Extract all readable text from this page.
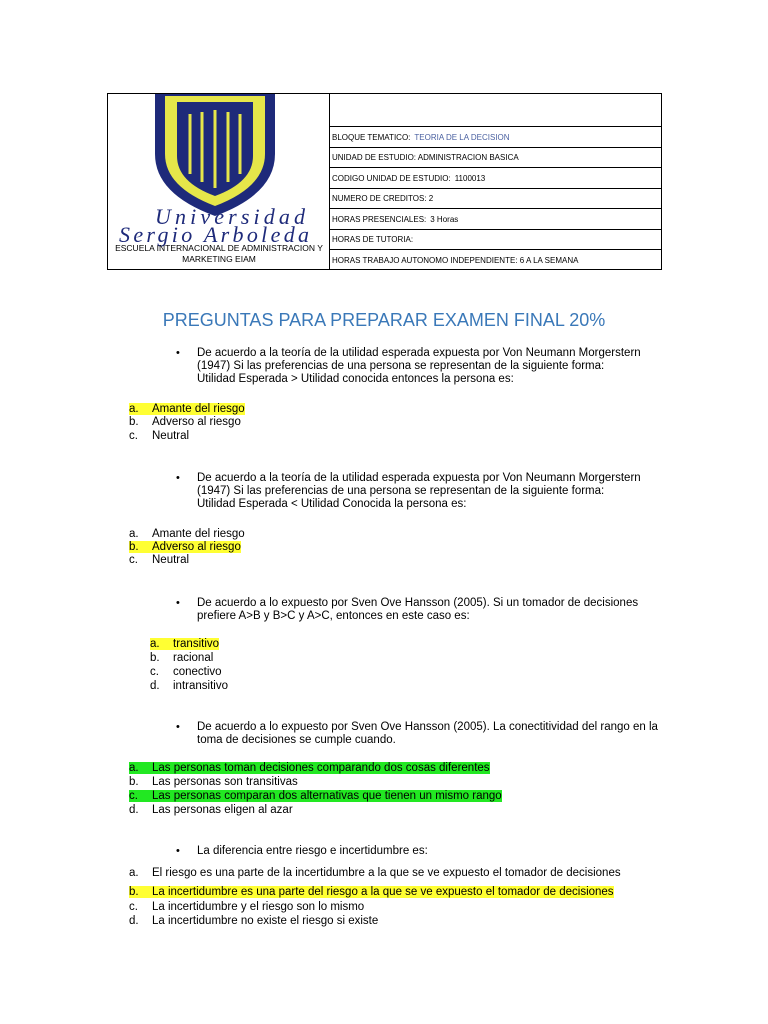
Universidad
Sergio Arboleda
ESCUELA INTERNACIONAL DE ADMINISTRACION Y MARKETING EIAM
BLOQUE TEMATICO: TEORIA DE LA DECISION
UNIDAD DE ESTUDIO: ADMINISTRACION BASICA
CODIGO UNIDAD DE ESTUDIO: 1100013
NUMERO DE CREDITOS: 2
HORAS PRESENCIALES: 3 Horas
HORAS DE TUTORIA:
HORAS TRABAJO AUTONOMO INDEPENDIENTE: 6 A LA SEMANA
PREGUNTAS PARA PREPARAR EXAMEN FINAL 20%
• De acuerdo a la teoría de la utilidad esperada expuesta por Von Neumann Morgerstern (1947) Si las preferencias de una persona se representan de la siguiente forma:
Utilidad Esperada > Utilidad conocida entonces la persona es:
a. Amante del riesgo
b. Adverso al riesgo
c. Neutral
• De acuerdo a la teoría de la utilidad esperada expuesta por Von Neumann Morgerstern (1947) Si las preferencias de una persona se representan de la siguiente forma:
Utilidad Esperada < Utilidad Conocida la persona es:
a. Amante del riesgo
b. Adverso al riesgo
c. Neutral
• De acuerdo a lo expuesto por Sven Ove Hansson (2005). Si un tomador de decisiones prefiere A>B y B>C y A>C, entonces en este caso es:
a. transitivo
b. racional
c. conectivo
d. intransitivo
• De acuerdo a lo expuesto por Sven Ove Hansson (2005). La conectitividad del rango en la toma de decisiones se cumple cuando.
a. Las personas toman decisiones comparando dos cosas diferentes
b. Las personas son transitivas
c. Las personas comparan dos alternativas que tienen un mismo rango
d. Las personas eligen al azar
• La diferencia entre riesgo e incertidumbre es:
a. El riesgo es una parte de la incertidumbre a la que se ve expuesto el tomador de decisiones
b. La incertidumbre es una parte del riesgo a la que se ve expuesto el tomador de decisiones
c. La incertidumbre y el riesgo son lo mismo
d. La incertidumbre no existe el riesgo si existe
